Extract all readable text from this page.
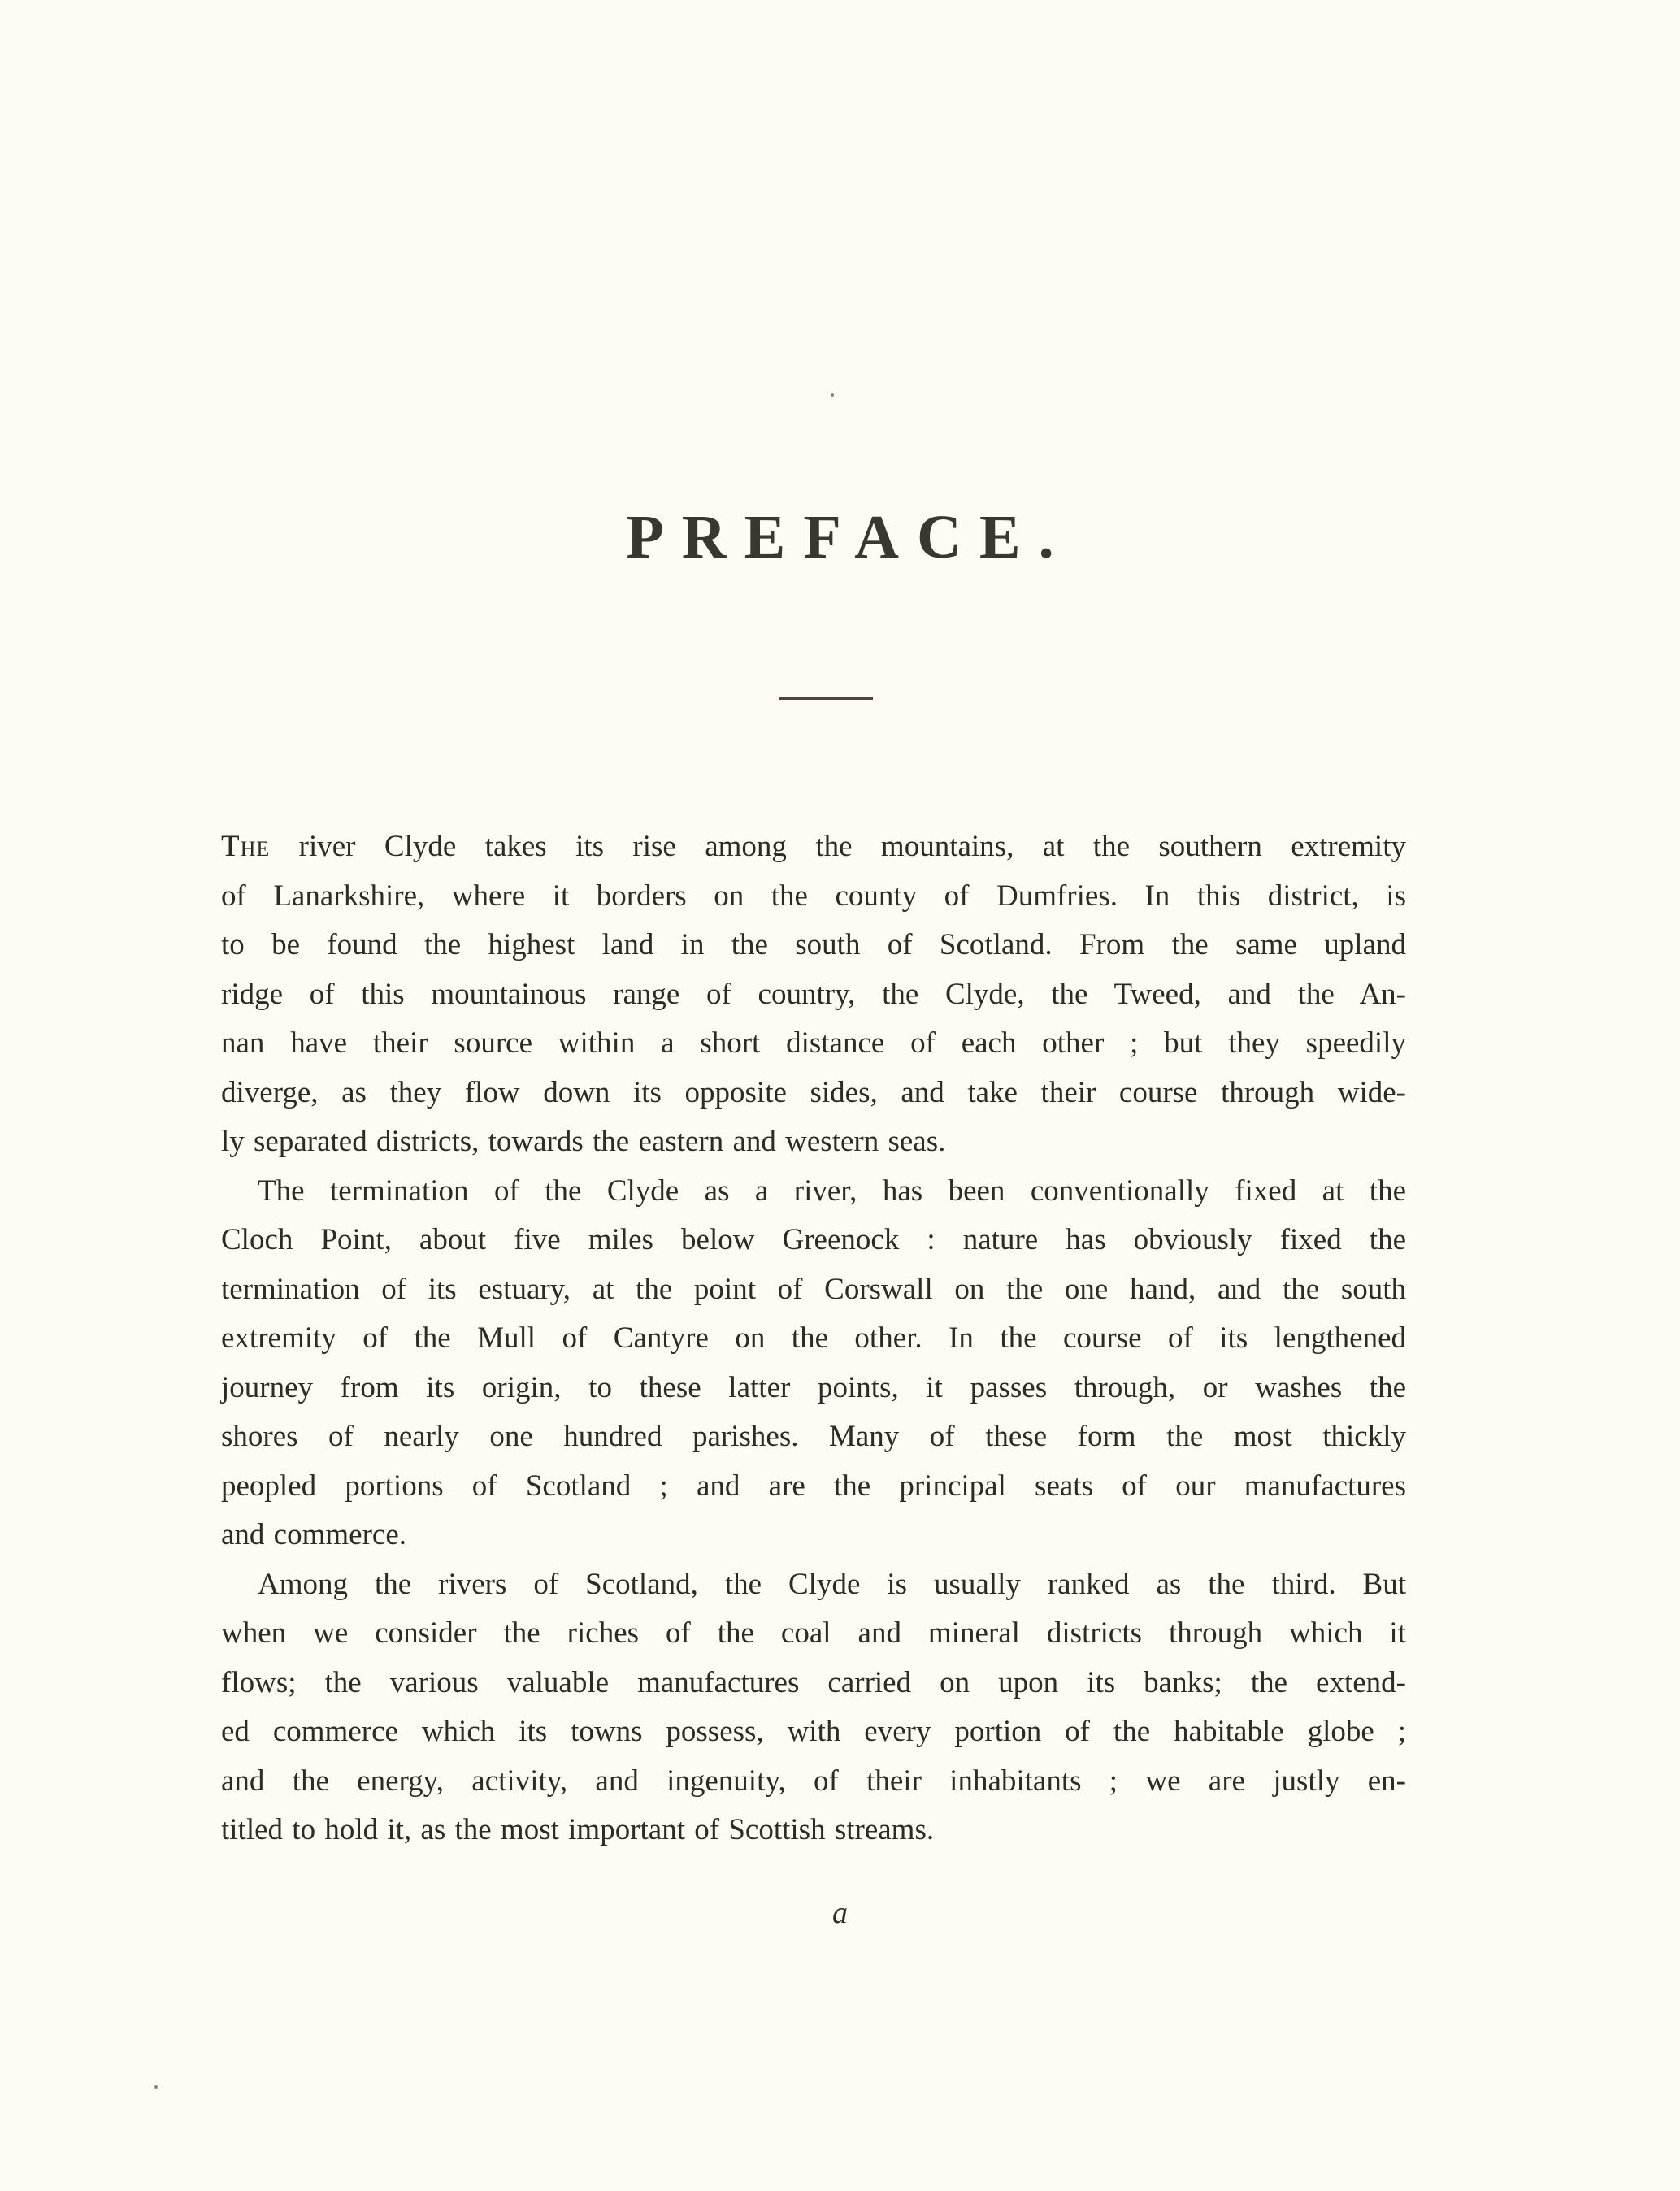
PREFACE.
The river Clyde takes its rise among the mountains, at the southern extremity
of Lanarkshire, where it borders on the county of Dumfries. In this district, is
to be found the highest land in the south of Scotland. From the same upland
ridge of this mountainous range of country, the Clyde, the Tweed, and the An-
nan have their source within a short distance of each other ; but they speedily
diverge, as they flow down its opposite sides, and take their course through wide-
ly separated districts, towards the eastern and western seas.
The termination of the Clyde as a river, has been conventionally fixed at the
Cloch Point, about five miles below Greenock : nature has obviously fixed the
termination of its estuary, at the point of Corswall on the one hand, and the south
extremity of the Mull of Cantyre on the other. In the course of its lengthened
journey from its origin, to these latter points, it passes through, or washes the
shores of nearly one hundred parishes. Many of these form the most thickly
peopled portions of Scotland ; and are the principal seats of our manufactures
and commerce.
Among the rivers of Scotland, the Clyde is usually ranked as the third. But
when we consider the riches of the coal and mineral districts through which it
flows; the various valuable manufactures carried on upon its banks; the extend-
ed commerce which its towns possess, with every portion of the habitable globe ;
and the energy, activity, and ingenuity, of their inhabitants ; we are justly en-
titled to hold it, as the most important of Scottish streams.
a
